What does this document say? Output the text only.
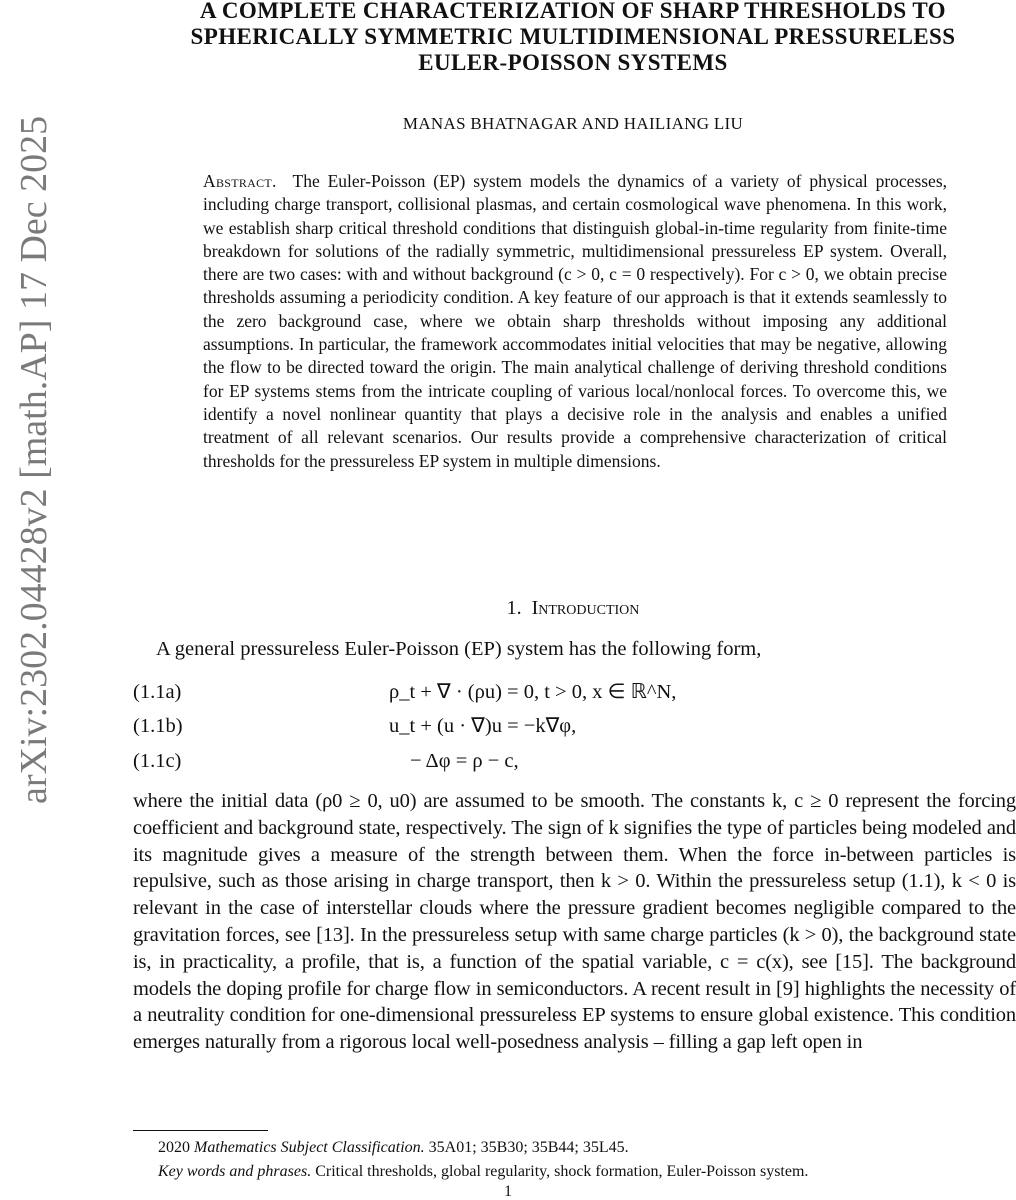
arXiv:2302.04428v2 [math.AP] 17 Dec 2025
A COMPLETE CHARACTERIZATION OF SHARP THRESHOLDS TO
SPHERICALLY SYMMETRIC MULTIDIMENSIONAL PRESSURELESS
EULER-POISSON SYSTEMS
MANAS BHATNAGAR AND HAILIANG LIU

Abstract. The Euler-Poisson (EP) system models the dynamics of a variety of physical processes, including charge transport, collisional plasmas, and certain cosmological wave phenomena. In this work, we establish sharp critical threshold conditions that distinguish global-in-time regularity from finite-time breakdown for solutions of the radially symmetric, multidimensional pressureless EP system. Overall, there are two cases: with and without background (c > 0, c = 0 respectively). For c > 0, we obtain precise thresholds assuming a periodicity condition. A key feature of our approach is that it extends seamlessly to the zero background case, where we obtain sharp thresholds without imposing any additional assumptions. In particular, the framework accommodates initial velocities that may be negative, allowing the flow to be directed toward the origin. The main analytical challenge of deriving threshold conditions for EP systems stems from the intricate coupling of various local/nonlocal forces. To overcome this, we identify a novel nonlinear quantity that plays a decisive role in the analysis and enables a unified treatment of all relevant scenarios. Our results provide a comprehensive characterization of critical thresholds for the pressureless EP system in multiple dimensions.

1. Introduction
A general pressureless Euler-Poisson (EP) system has the following form,
(1.1a)	ρ_t + ∇ · (ρu) = 0, t > 0, x ∈ ℝ^N,
(1.1b)	u_t + (u · ∇)u = −k∇φ,
(1.1c)	− Δφ = ρ − c,

where the initial data (ρ0 ≥ 0, u0) are assumed to be smooth. The constants k, c ≥ 0 represent the forcing coefficient and background state, respectively. The sign of k signifies the type of particles being modeled and its magnitude gives a measure of the strength between them. When the force in-between particles is repulsive, such as those arising in charge transport, then k > 0. Within the pressureless setup (1.1), k < 0 is relevant in the case of interstellar clouds where the pressure gradient becomes negligible compared to the gravitation forces, see [13]. In the pressureless setup with same charge particles (k > 0), the background state is, in practicality, a profile, that is, a function of the spatial variable, c = c(x), see [15]. The background models the doping profile for charge flow in semiconductors. A recent result in [9] highlights the necessity of a neutrality condition for one-dimensional pressureless EP systems to ensure global existence. This condition emerges naturally from a rigorous local well-posedness analysis – filling a gap left open in

2020 Mathematics Subject Classification. 35A01; 35B30; 35B44; 35L45.
Key words and phrases. Critical thresholds, global regularity, shock formation, Euler-Poisson system.
1
